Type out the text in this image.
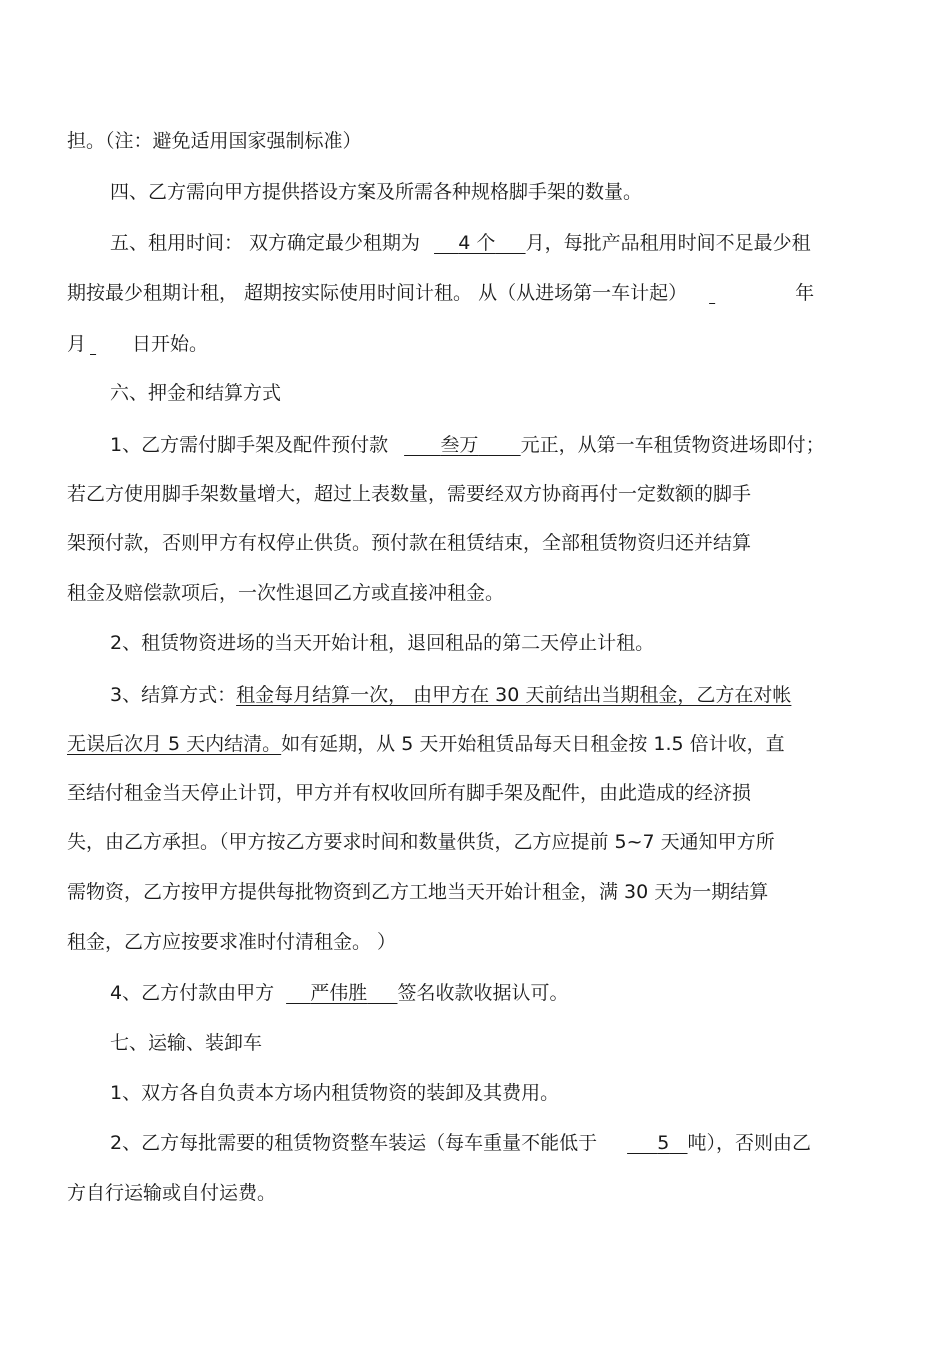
担。（注：避免适用国家强制标准）
四、乙方需向甲方提供搭设方案及所需各种规格脚手架的数量。
五、租用时间： 双方确定最少租期为 4 个 月，每批产品租用时间不足最少租
期按最少租期计租， 超期按实际使用时间计租。 从（从进场第一车计起）	年
月 日开始。
六、押金和结算方式
1、乙方需付脚手架及配件预付款	叁万 元正，从第一车租赁物资进场即付；
若乙方使用脚手架数量增大，超过上表数量，需要经双方协商再付一定数额的脚手
架预付款，否则甲方有权停止供货。预付款在租赁结束，全部租赁物资归还并结算
租金及赔偿款项后，一次性退回乙方或直接冲租金。
2、租赁物资进场的当天开始计租，退回租品的第二天停止计租。
3、结算方式：租金每月结算一次， 由甲方在 30 天前结出当期租金，乙方在对帐
无误后次月 5 天内结清。如有延期，从 5 天开始租赁品每天日租金按 1.5 倍计收，直
至结付租金当天停止计罚，甲方并有权收回所有脚手架及配件，由此造成的经济损
失，由乙方承担。（甲方按乙方要求时间和数量供货，乙方应提前 5~7 天通知甲方所
需物资，乙方按甲方提供每批物资到乙方工地当天开始计租金，满 30 天为一期结算
租金，乙方应按要求准时付清租金。 ）
4、乙方付款由甲方 严伟胜 签名收款收据认可。
七、运输、装卸车
1、双方各自负责本方场内租赁物资的装卸及其费用。
2、乙方每批需要的租赁物资整车装运（每车重量不能低于	5 吨），否则由乙
方自行运输或自付运费。
